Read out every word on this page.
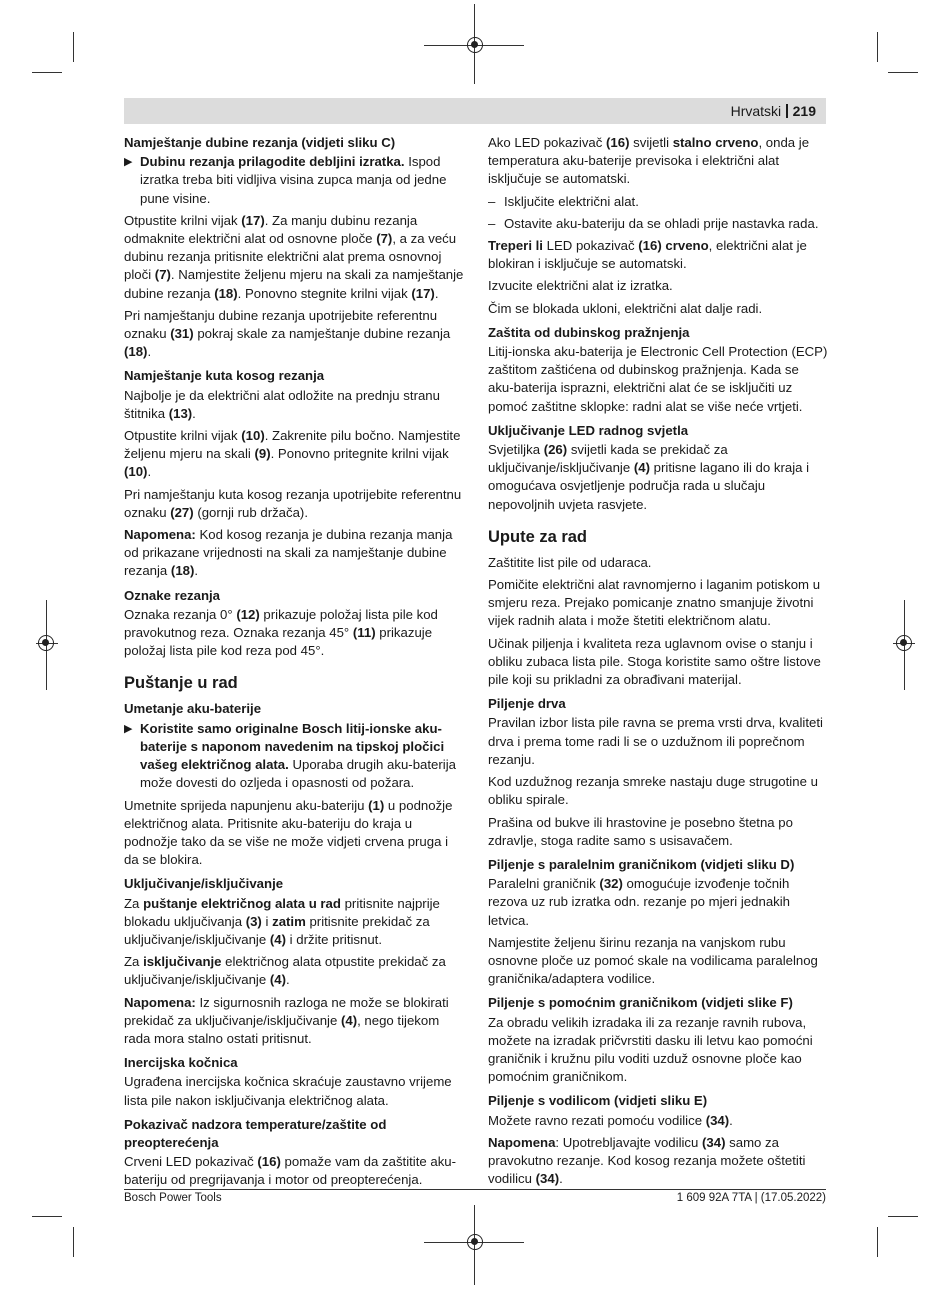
Hrvatski 219
Namještanje dubine rezanja (vidjeti sliku C)
▶ Dubinu rezanja prilagodite debljini izratka. Ispod izratka treba biti vidljiva visina zupca manja od jedne pune visine.

Otpustite krilni vijak (17). Za manju dubinu rezanja odmaknite električni alat od osnovne ploče (7), a za veću dubinu rezanja pritisnite električni alat prema osnovnoj ploči (7). Namjestite željenu mjeru na skali za namještanje dubine rezanja (18). Ponovno stegnite krilni vijak (17).

Pri namještanju dubine rezanja upotrijebite referentnu oznaku (31) pokraj skale za namještanje dubine rezanja (18).

Namještanje kuta kosog rezanja

Najbolje je da električni alat odložite na prednju stranu štitnika (13).

Otpustite krilni vijak (10). Zakrenite pilu bočno. Namjestite željenu mjeru na skali (9). Ponovno pritegnite krilni vijak (10).

Pri namještanju kuta kosog rezanja upotrijebite referentnu oznaku (27) (gornji rub držača).

Napomena: Kod kosog rezanja je dubina rezanja manja od prikazane vrijednosti na skali za namještanje dubine rezanja (18).

Oznake rezanja

Oznaka rezanja 0° (12) prikazuje položaj lista pile kod pravokutnog reza. Oznaka rezanja 45° (11) prikazuje položaj lista pile kod reza pod 45°.

Puštanje u rad
Umetanje aku-baterije
▶ Koristite samo originalne Bosch litij-ionske aku-baterije s naponom navedenim na tipskoj pločici vašeg električnog alata. Uporaba drugih aku-baterija može dovesti do ozljeda i opasnosti od požara.

Umetnite sprijeda napunjenu aku-bateriju (1) u podnožje električnog alata. Pritisnite aku-bateriju do kraja u podnožje tako da se više ne može vidjeti crvena pruga i da se blokira.

Uključivanje/isključivanje

Za puštanje električnog alata u rad pritisnite najprije blokadu uključivanja (3) i zatim pritisnite prekidač za uključivanje/isključivanje (4) i držite pritisnut.

Za isključivanje električnog alata otpustite prekidač za uključivanje/isključivanje (4).

Napomena: Iz sigurnosnih razloga ne može se blokirati prekidač za uključivanje/isključivanje (4), nego tijekom rada mora stalno ostati pritisnut.

Inercijska kočnica

Ugrađena inercijska kočnica skraćuje zaustavno vrijeme lista pile nakon isključivanja električnog alata.

Pokazivač nadzora temperature/zaštite od preopterećenja

Crveni LED pokazivač (16) pomaže vam da zaštitite aku-bateriju od pregrijavanja i motor od preopterećenja.

Ako LED pokazivač (16) svijetli stalno crveno, onda je temperatura aku-baterije previsoka i električni alat isključuje se automatski.

– Isključite električni alat.
– Ostavite aku-bateriju da se ohladi prije nastavka rada.

Treperi li LED pokazivač (16) crveno, električni alat je blokiran i isključuje se automatski.

Izvucite električni alat iz izratka.

Čim se blokada ukloni, električni alat dalje radi.

Zaštita od dubinskog pražnjenja

Litij-ionska aku-baterija je Electronic Cell Protection (ECP) zaštitom zaštićena od dubinskog pražnjenja. Kada se aku-baterija isprazni, električni alat će se isključiti uz pomoć zaštitne sklopke: radni alat se više neće vrtjeti.

Uključivanje LED radnog svjetla

Svjetiljka (26) svijetli kada se prekidač za uključivanje/isključivanje (4) pritisne lagano ili do kraja i omogućava osvjetljenje područja rada u slučaju nepovoljnih uvjeta rasvjete.

Upute za rad

Zaštitite list pile od udaraca.

Pomičite električni alat ravnomjerno i laganim potiskom u smjeru reza. Prejako pomicanje znatno smanjuje životni vijek radnih alata i može štetiti električnom alatu.

Učinak piljenja i kvaliteta reza uglavnom ovise o stanju i obliku zubaca lista pile. Stoga koristite samo oštre listove pile koji su prikladni za obrađivani materijal.

Piljenje drva

Pravilan izbor lista pile ravna se prema vrsti drva, kvaliteti drva i prema tome radi li se o uzdužnom ili poprečnom rezanju.

Kod uzdužnog rezanja smreke nastaju duge strugotine u obliku spirale.

Prašina od bukve ili hrastovine je posebno štetna po zdravlje, stoga radite samo s usisavačem.

Piljenje s paralelnim graničnikom (vidjeti sliku D)

Paralelni graničnik (32) omogućuje izvođenje točnih rezova uz rub izratka odn. rezanje po mjeri jednakih letvica.

Namjestite željenu širinu rezanja na vanjskom rubu osnovne ploče uz pomoć skale na vodilicama paralelnog graničnika/adaptera vodilice.

Piljenje s pomoćnim graničnikom (vidjeti slike F)

Za obradu velikih izradaka ili za rezanje ravnih rubova, možete na izradak pričvrstiti dasku ili letvu kao pomoćni graničnik i kružnu pilu voditi uzduž osnovne ploče kao pomoćnim graničnikom.

Piljenje s vodilicom (vidjeti sliku E)

Možete ravno rezati pomoću vodilice (34).

Napomena: Upotrebljavajte vodilicu (34) samo za pravokutno rezanje. Kod kosog rezanja možete oštetiti vodilicu (34).

Bosch Power Tools	1 609 92A 7TA | (17.05.2022)
